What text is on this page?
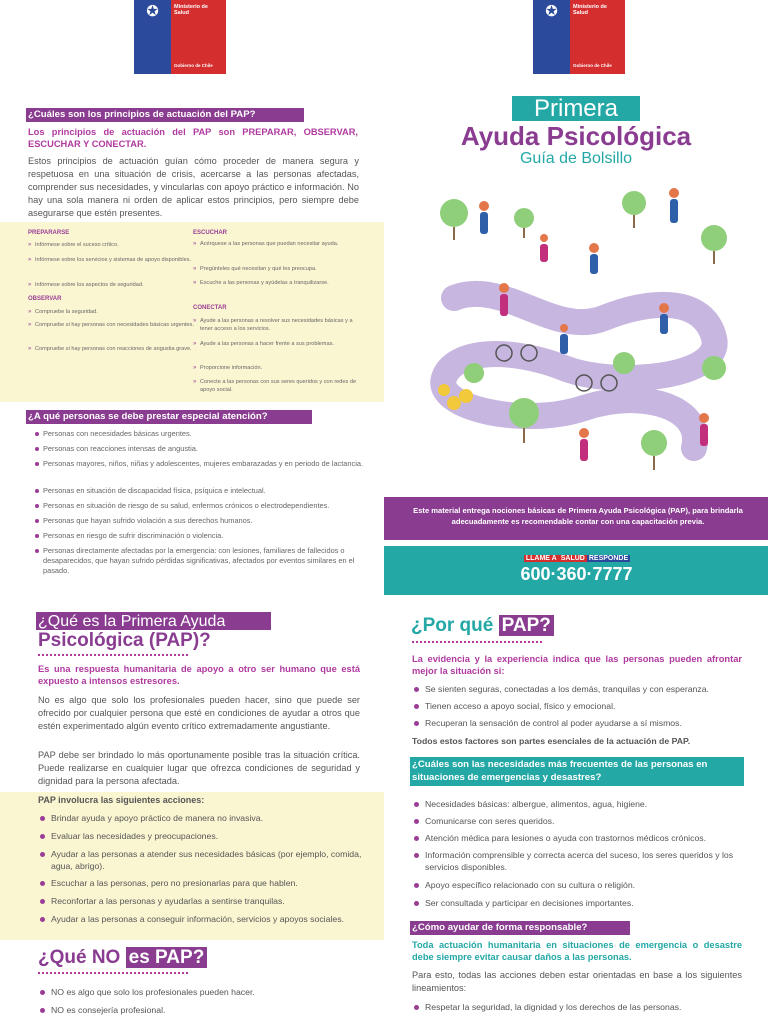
✪	Ministerio de Salud
Gobierno de Chile
¿Cuáles son los principios de actuación del PAP?
Los principios de actuación del PAP son PREPARAR, OBSERVAR, ESCUCHAR Y CONECTAR.
Estos principios de actuación guían cómo proceder de manera segura y respetuosa en una situación de crisis, acercarse a las personas afectadas, comprender sus necesidades, y vincularlas con apoyo práctico e información. No hay una sola manera ni orden de aplicar estos principios, pero siempre debe asegurarse que estén presentes.
PREPARARSE
» Infórmese sobre el suceso crítico.
» Infórmese sobre los servicios y sistemas de apoyo disponibles.
» Infórmese sobre los aspectos de seguridad.
OBSERVAR
» Compruebe la seguridad.
» Compruebe si hay personas con necesidades básicas urgentes.
» Compruebe si hay personas con reacciones de angustia grave.
ESCUCHAR
» Acérquese a las personas que puedan necesitar ayuda.
» Pregúnteles qué necesitan y qué les preocupa.
» Escuche a las personas y ayúdelas a tranquilizarse.
CONECTAR
» Ayude a las personas a resolver sus necesidades básicas y a tener acceso a los servicios.
» Ayude a las personas a hacer frente a sus problemas.
» Proporcione información.
» Conecte a las personas con sus seres queridos y con redes de apoyo social.
¿A qué personas se debe prestar especial atención?
Personas con necesidades básicas urgentes.
Personas con reacciones intensas de angustia.
Personas mayores, niños, niñas y adolescentes, mujeres embarazadas y en periodo de lactancia.
Personas en situación de discapacidad física, psíquica e intelectual.
Personas en situación de riesgo de su salud, enfermos crónicos o electrodependientes.
Personas que hayan sufrido violación a sus derechos humanos.
Personas en riesgo de sufrir discriminación o violencia.
Personas directamente afectadas por la emergencia: con lesiones, familiares de fallecidos o desaparecidos, que hayan sufrido pérdidas significativas, afectados por eventos similares en el pasado.
✪	Ministerio de Salud
Gobierno de Chile
Primera
Ayuda Psicológica
Guía de Bolsillo
Este material entrega nociones básicas de Primera Ayuda Psicológica (PAP), para brindarla adecuadamente es recomendable contar con una capacitación previa.
LLAME A SALUD RESPONDE
600·360·7777
¿Qué es la Primera Ayuda
Psicológica (PAP)?
Es una respuesta humanitaria de apoyo a otro ser humano que está expuesto a intensos estresores.
No es algo que solo los profesionales pueden hacer, sino que puede ser ofrecido por cualquier persona que esté en condiciones de ayudar a otros que estén experimentado algún evento crítico extremadamente angustiante.
PAP debe ser brindado lo más oportunamente posible tras la situación crítica. Puede realizarse en cualquier lugar que ofrezca condiciones de seguridad y dignidad para la persona afectada.
PAP involucra las siguientes acciones:
Brindar ayuda y apoyo práctico de manera no invasiva.
Evaluar las necesidades y preocupaciones.
Ayudar a las personas a atender sus necesidades básicas (por ejemplo, comida, agua, abrigo).
Escuchar a las personas, pero no presionarlas para que hablen.
Reconfortar a las personas y ayudarlas a sentirse tranquilas.
Ayudar a las personas a conseguir información, servicios y apoyos sociales.
¿Qué NO es PAP?
NO es algo que solo los profesionales pueden hacer.
NO es consejería profesional.
¿Por qué PAP?
La evidencia y la experiencia indica que las personas pueden afrontar mejor la situación si:
Se sienten seguras, conectadas a los demás, tranquilas y con esperanza.
Tienen acceso a apoyo social, físico y emocional.
Recuperan la sensación de control al poder ayudarse a sí mismos.
Todos estos factores son partes esenciales de la actuación de PAP.
¿Cuáles son las necesidades más frecuentes de las personas en situaciones de emergencias y desastres?
Necesidades básicas: albergue, alimentos, agua, higiene.
Comunicarse con seres queridos.
Atención médica para lesiones o ayuda con trastornos médicos crónicos.
Información comprensible y correcta acerca del suceso, los seres queridos y los servicios disponibles.
Apoyo específico relacionado con su cultura o religión.
Ser consultada y participar en decisiones importantes.
¿Cómo ayudar de forma responsable?
Toda actuación humanitaria en situaciones de emergencia o desastre debe siempre evitar causar daños a las personas.
Para esto, todas las acciones deben estar orientadas en base a los siguientes lineamientos:
Respetar la seguridad, la dignidad y los derechos de las personas.
